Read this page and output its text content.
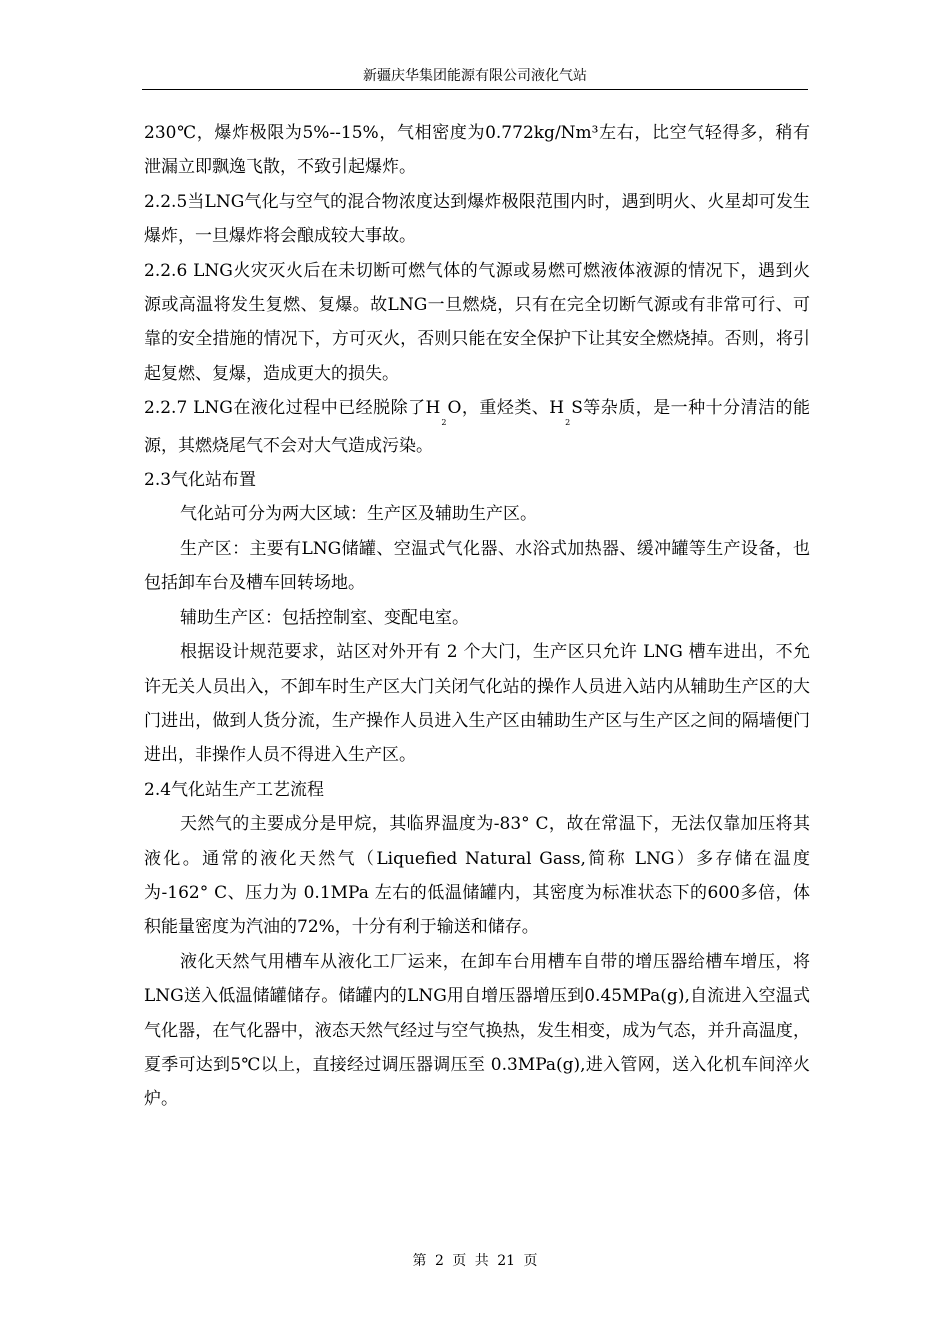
新疆庆华集团能源有限公司液化气站

230℃，爆炸极限为5%--15%，气相密度为0.772kg/Nm³左右，比空气轻得多，稍有泄漏立即飘逸飞散，不致引起爆炸。

2.2.5当LNG气化与空气的混合物浓度达到爆炸极限范围内时，遇到明火、火星却可发生爆炸，一旦爆炸将会酿成较大事故。

2.2.6 LNG火灾灭火后在未切断可燃气体的气源或易燃可燃液体液源的情况下，遇到火源或高温将发生复燃、复爆。故LNG一旦燃烧，只有在完全切断气源或有非常可行、可靠的安全措施的情况下，方可灭火，否则只能在安全保护下让其安全燃烧掉。否则，将引起复燃、复爆，造成更大的损失。

2.2.7 LNG在液化过程中已经脱除了$H_2O$，重烃类、$H_2S$等杂质，是一种十分清洁的能源，其燃烧尾气不会对大气造成污染。

2.3气化站布置

气化站可分为两大区域：生产区及辅助生产区。

生产区：主要有LNG储罐、空温式气化器、水浴式加热器、缓冲罐等生产设备，也包括卸车台及槽车回转场地。

辅助生产区：包括控制室、变配电室。

根据设计规范要求，站区对外开有 2 个大门，生产区只允许 LNG 槽车进出，不允许无关人员出入，不卸车时生产区大门关闭气化站的操作人员进入站内从辅助生产区的大门进出，做到人货分流，生产操作人员进入生产区由辅助生产区与生产区之间的隔墙便门进出，非操作人员不得进入生产区。

2.4气化站生产工艺流程

天然气的主要成分是甲烷，其临界温度为-83° C，故在常温下，无法仅靠加压将其液化。通常的液化天然气（Liquefied Natural Gass,简称 LNG）多存储在温度为-162° C、压力为 0.1MPa 左右的低温储罐内，其密度为标准状态下的600多倍，体积能量密度为汽油的72%，十分有利于输送和储存。

液化天然气用槽车从液化工厂运来，在卸车台用槽车自带的增压器给槽车增压，将LNG送入低温储罐储存。储罐内的LNG用自增压器增压到0.45MPa(g),自流进入空温式气化器，在气化器中，液态天然气经过与空气换热，发生相变，成为气态，并升高温度，夏季可达到5℃以上，直接经过调压器调压至 0.3MPa(g),进入管网，送入化机车间淬火炉。

第 2 页 共 21 页
